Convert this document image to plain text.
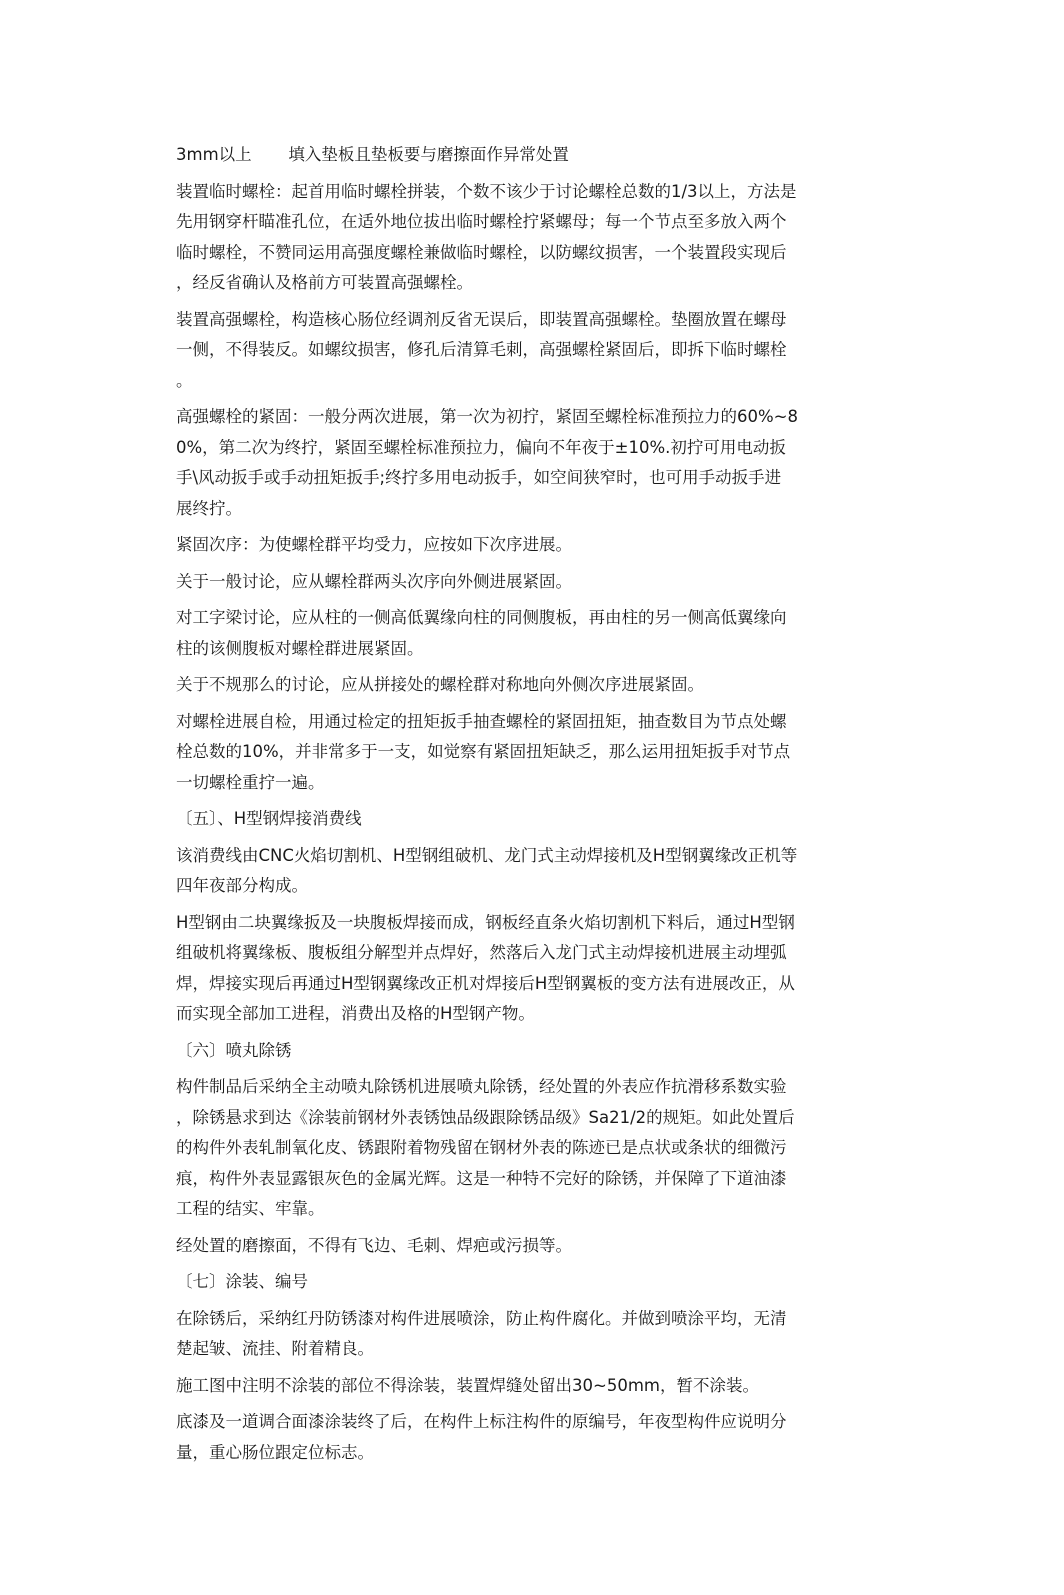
3mm以上       填入垫板且垫板要与磨擦面作异常处置

装置临时螺栓：起首用临时螺栓拼装，个数不该少于讨论螺栓总数的1/3以上，方法是
先用钢穿杆瞄准孔位，在适外地位拔出临时螺栓拧紧螺母；每一个节点至多放入两个
临时螺栓，不赞同运用高强度螺栓兼做临时螺栓，以防螺纹损害，一个装置段实现后
，经反省确认及格前方可装置高强螺栓。

装置高强螺栓，构造核心肠位经调剂反省无误后，即装置高强螺栓。垫圈放置在螺母
一侧，不得装反。如螺纹损害，修孔后清算毛刺，高强螺栓紧固后，即拆下临时螺栓
。

高强螺栓的紧固：一般分两次进展，第一次为初拧，紧固至螺栓标准预拉力的60%~8
0%，第二次为终拧，紧固至螺栓标准预拉力，偏向不年夜于±10%.初拧可用电动扳
手\风动扳手或手动扭矩扳手;终拧多用电动扳手，如空间狭窄时，也可用手动扳手进
展终拧。

紧固次序：为使螺栓群平均受力，应按如下次序进展。

关于一般讨论，应从螺栓群两头次序向外侧进展紧固。

对工字梁讨论，应从柱的一侧高低翼缘向柱的同侧腹板，再由柱的另一侧高低翼缘向
柱的该侧腹板对螺栓群进展紧固。

关于不规那么的讨论，应从拼接处的螺栓群对称地向外侧次序进展紧固。

对螺栓进展自检，用通过检定的扭矩扳手抽查螺栓的紧固扭矩，抽查数目为节点处螺
栓总数的10%，并非常多于一支，如觉察有紧固扭矩缺乏，那么运用扭矩扳手对节点
一切螺栓重拧一遍。

〔五〕、H型钢焊接消费线

该消费线由CNC火焰切割机、H型钢组破机、龙门式主动焊接机及H型钢翼缘改正机等
四年夜部分构成。

H型钢由二块翼缘扳及一块腹板焊接而成，钢板经直条火焰切割机下料后，通过H型钢
组破机将翼缘板、腹板组分解型并点焊好，然落后入龙门式主动焊接机进展主动埋弧
焊，焊接实现后再通过H型钢翼缘改正机对焊接后H型钢翼板的变方法有进展改正，从
而实现全部加工进程，消费出及格的H型钢产物。

〔六〕喷丸除锈

构件制品后采纳全主动喷丸除锈机进展喷丸除锈，经处置的外表应作抗滑移系数实验
，除锈悬求到达《涂装前钢材外表锈蚀品级跟除锈品级》Sa21/2的规矩。如此处置后
的构件外表轧制氧化皮、锈跟附着物残留在钢材外表的陈迹已是点状或条状的细微污
痕，构件外表显露银灰色的金属光辉。这是一种特不完好的除锈，并保障了下道油漆
工程的结实、牢靠。

经处置的磨擦面，不得有飞边、毛刺、焊疤或污损等。

〔七〕涂装、编号

在除锈后，采纳红丹防锈漆对构件进展喷涂，防止构件腐化。并做到喷涂平均，无清
楚起皱、流挂、附着精良。

施工图中注明不涂装的部位不得涂装，装置焊缝处留出30~50mm，暂不涂装。

底漆及一道调合面漆涂装终了后，在构件上标注构件的原编号，年夜型构件应说明分
量，重心肠位跟定位标志。
